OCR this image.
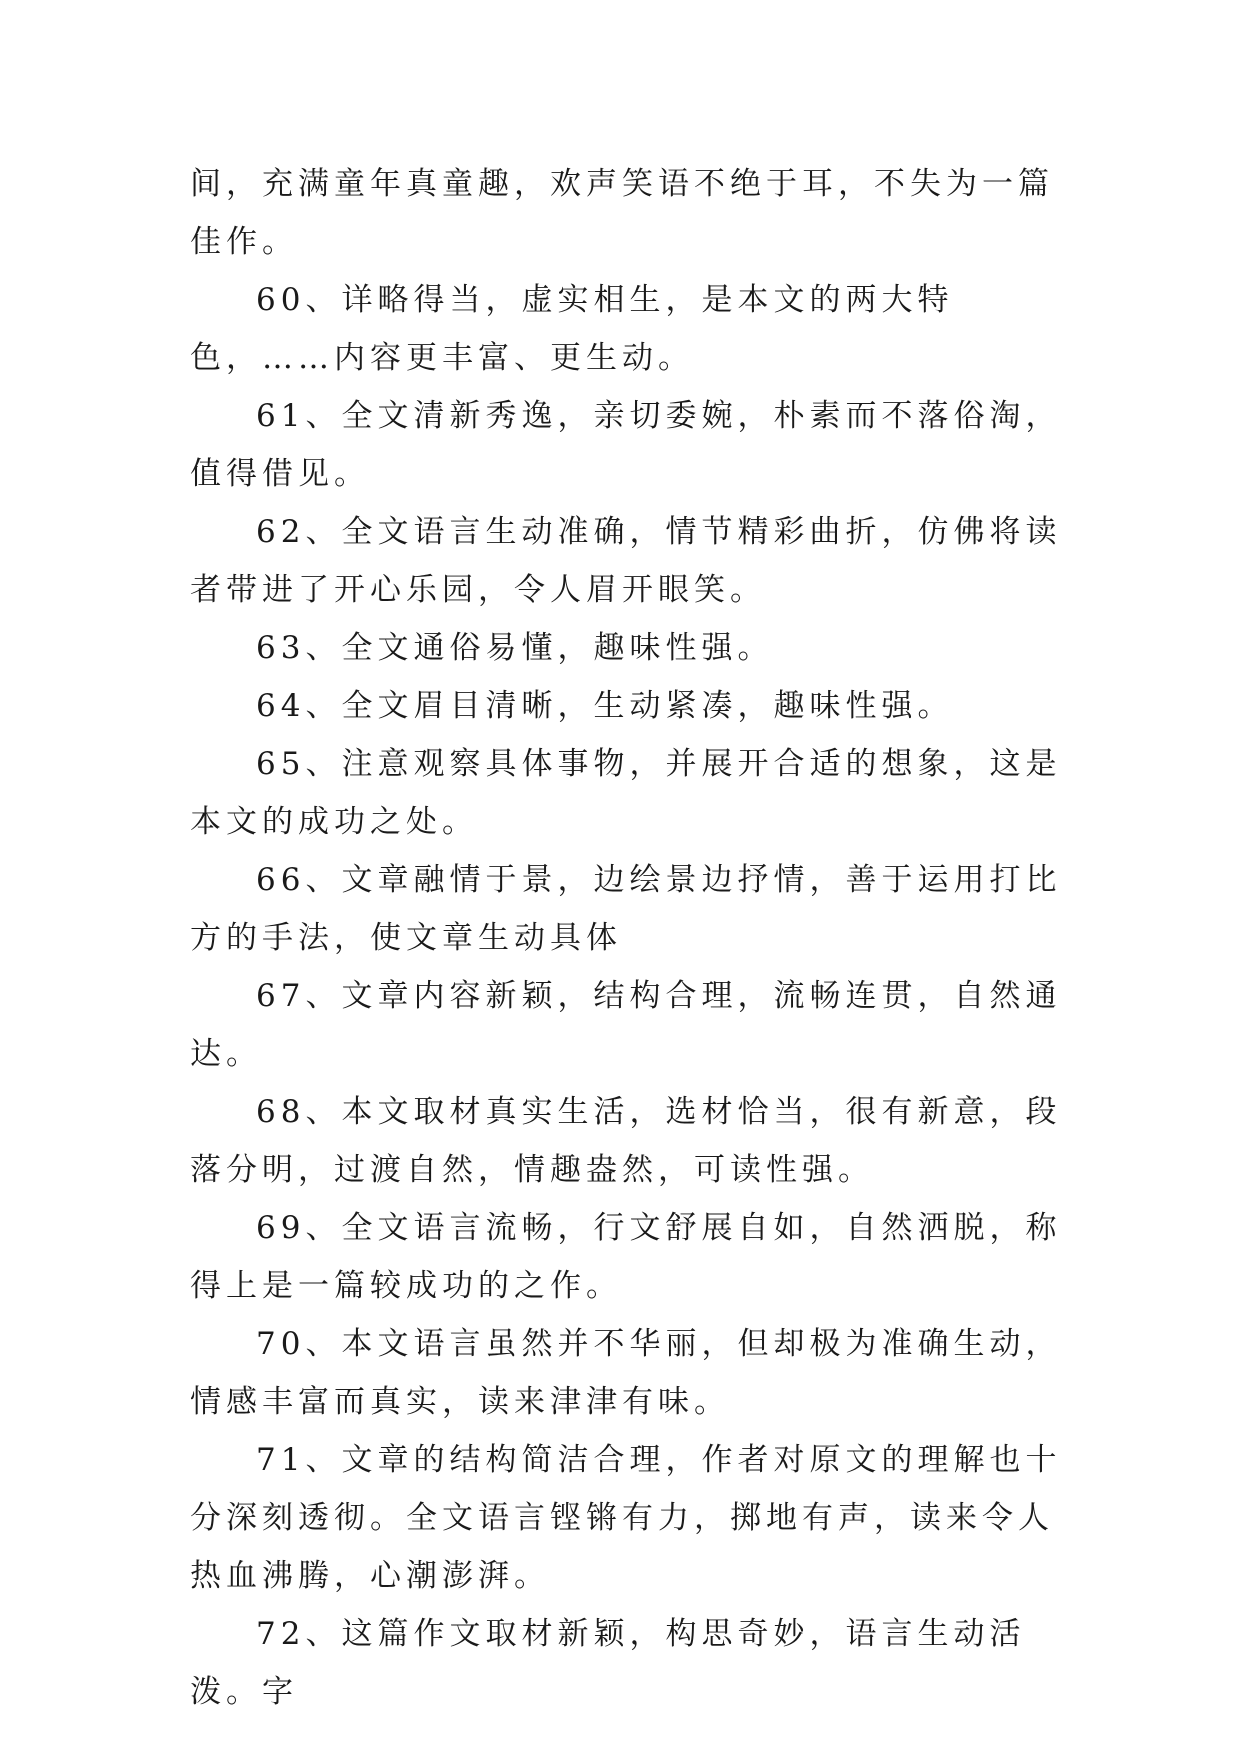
间，充满童年真童趣，欢声笑语不绝于耳，不失为一篇佳作。

60、详略得当，虚实相生，是本文的两大特色，……内容更丰富、更生动。

61、全文清新秀逸，亲切委婉，朴素而不落俗淘，值得借见。

62、全文语言生动准确，情节精彩曲折，仿佛将读者带进了开心乐园，令人眉开眼笑。

63、全文通俗易懂，趣味性强。

64、全文眉目清晰，生动紧凑，趣味性强。

65、注意观察具体事物，并展开合适的想象，这是本文的成功之处。

66、文章融情于景，边绘景边抒情，善于运用打比方的手法，使文章生动具体

67、文章内容新颖，结构合理，流畅连贯，自然通达。

68、本文取材真实生活，选材恰当，很有新意，段落分明，过渡自然，情趣盎然，可读性强。

69、全文语言流畅，行文舒展自如，自然洒脱，称得上是一篇较成功的之作。

70、本文语言虽然并不华丽，但却极为准确生动，情感丰富而真实，读来津津有味。

71、文章的结构简洁合理，作者对原文的理解也十分深刻透彻。全文语言铿锵有力，掷地有声，读来令人热血沸腾，心潮澎湃。

72、这篇作文取材新颖，构思奇妙，语言生动活泼。字
